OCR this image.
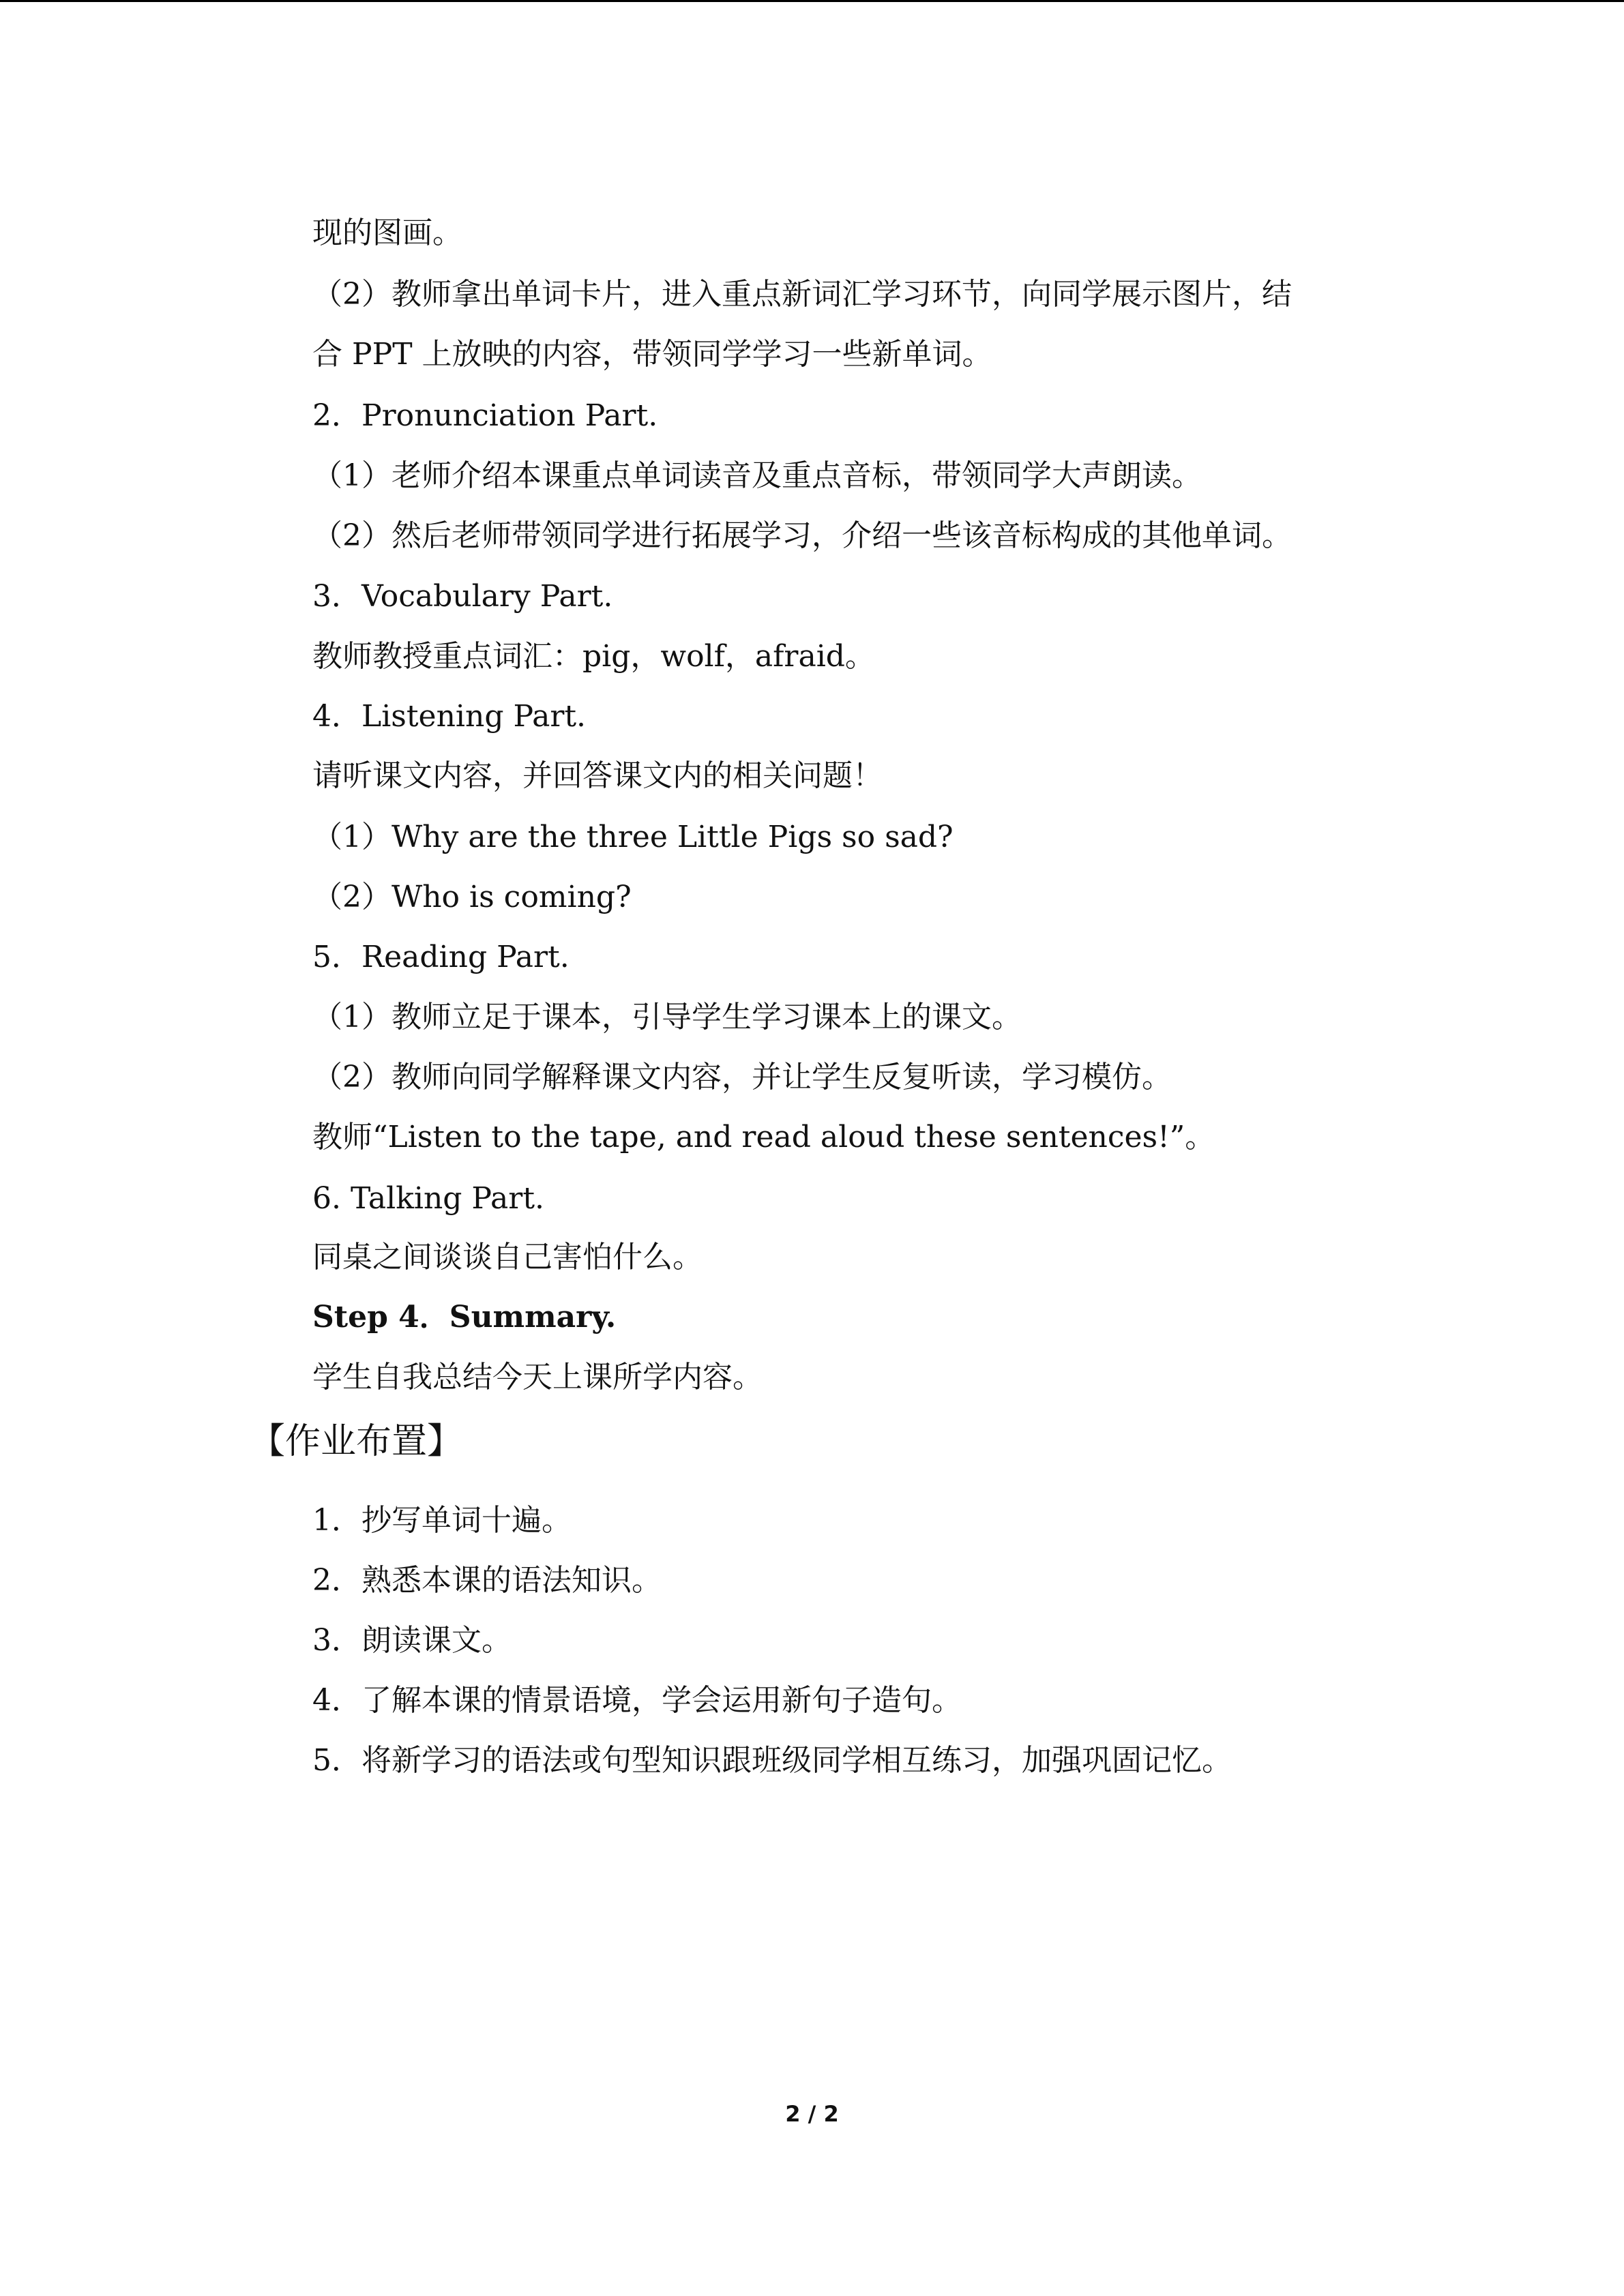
现的图画。
（2）教师拿出单词卡片，进入重点新词汇学习环节，向同学展示图片，结
合 PPT 上放映的内容，带领同学学习一些新单词。
2．Pronunciation Part.
（1）老师介绍本课重点单词读音及重点音标，带领同学大声朗读。
（2）然后老师带领同学进行拓展学习，介绍一些该音标构成的其他单词。
3．Vocabulary Part.
教师教授重点词汇：pig，wolf，afraid。
4．Listening Part.
请听课文内容，并回答课文内的相关问题！
（1）Why are the three Little Pigs so sad?
（2）Who is coming?
5．Reading Part.
（1）教师立足于课本，引导学生学习课本上的课文。
（2）教师向同学解释课文内容，并让学生反复听读，学习模仿。
教师“Listen to the tape, and read aloud these sentences!”。
6. Talking Part.
同桌之间谈谈自己害怕什么。
Step 4．Summary.
学生自我总结今天上课所学内容。
【作业布置】
1．抄写单词十遍。
2．熟悉本课的语法知识。
3．朗读课文。
4．了解本课的情景语境，学会运用新句子造句。
5．将新学习的语法或句型知识跟班级同学相互练习，加强巩固记忆。
2 / 2
